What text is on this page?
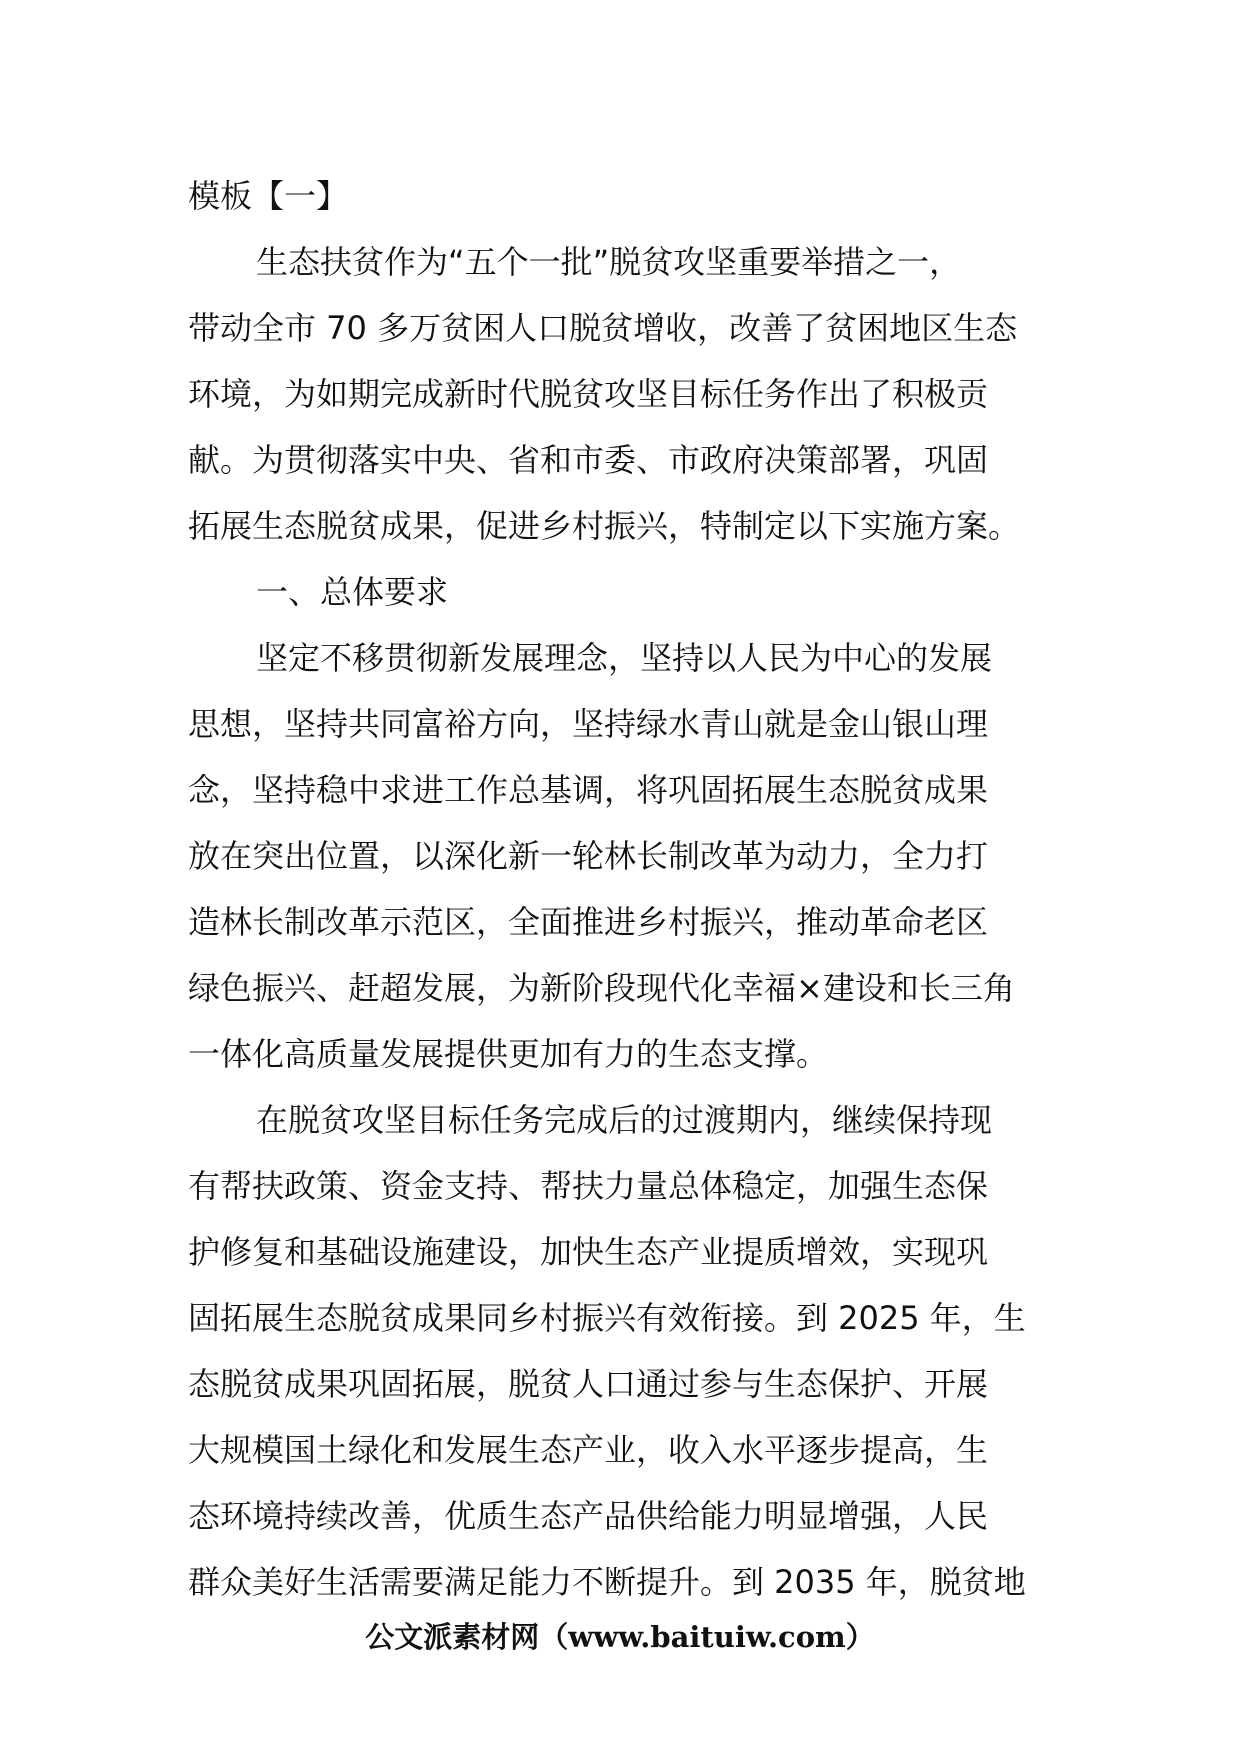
模板【一】
生态扶贫作为“五个一批”脱贫攻坚重要举措之一，
带动全市 70 多万贫困人口脱贫增收，改善了贫困地区生态
环境，为如期完成新时代脱贫攻坚目标任务作出了积极贡
献。为贯彻落实中央、省和市委、市政府决策部署，巩固
拓展生态脱贫成果，促进乡村振兴，特制定以下实施方案。
一、总体要求
坚定不移贯彻新发展理念，坚持以人民为中心的发展
思想，坚持共同富裕方向，坚持绿水青山就是金山银山理
念，坚持稳中求进工作总基调，将巩固拓展生态脱贫成果
放在突出位置，以深化新一轮林长制改革为动力，全力打
造林长制改革示范区，全面推进乡村振兴，推动革命老区
绿色振兴、赶超发展，为新阶段现代化幸福×建设和长三角
一体化高质量发展提供更加有力的生态支撑。
在脱贫攻坚目标任务完成后的过渡期内，继续保持现
有帮扶政策、资金支持、帮扶力量总体稳定，加强生态保
护修复和基础设施建设，加快生态产业提质增效，实现巩
固拓展生态脱贫成果同乡村振兴有效衔接。到 2025 年，生
态脱贫成果巩固拓展，脱贫人口通过参与生态保护、开展
大规模国土绿化和发展生态产业，收入水平逐步提高，生
态环境持续改善，优质生态产品供给能力明显增强，人民
群众美好生活需要满足能力不断提升。到 2035 年，脱贫地
公文派素材网（www.baituiw.com）
